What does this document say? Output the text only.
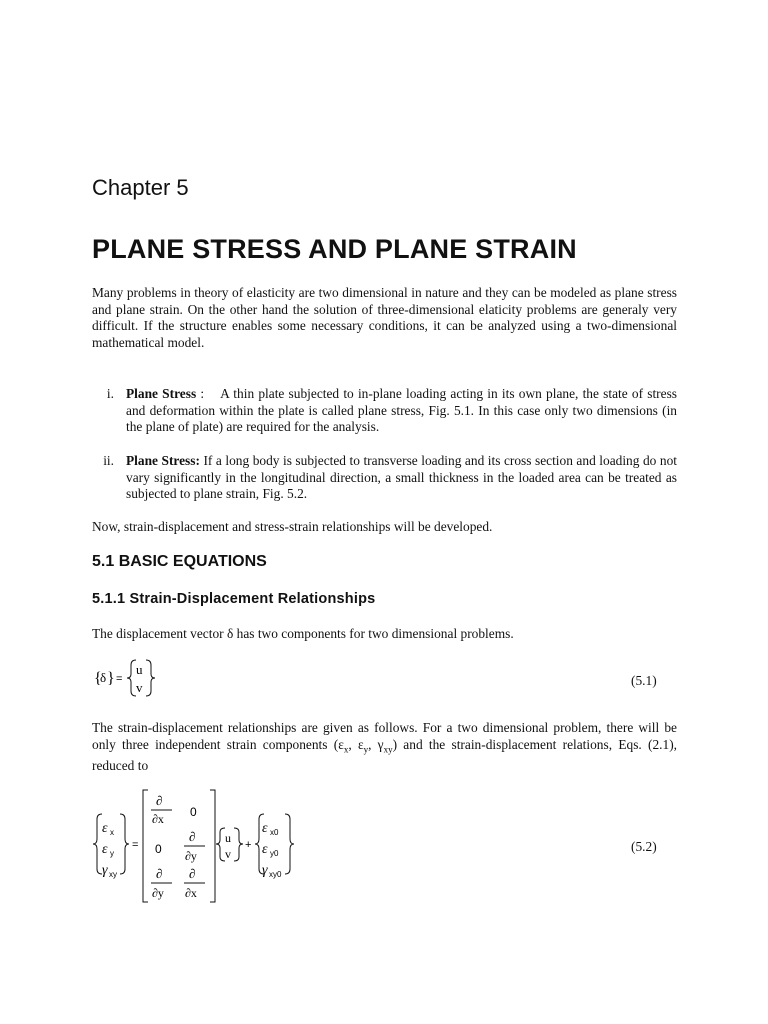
Chapter 5
PLANE STRESS AND PLANE STRAIN
Many problems in theory of elasticity are two dimensional in nature and they can be modeled as plane stress and plane strain. On the other hand the solution of three-dimensional elaticity problems are generaly very difficult. If the structure enables some necessary conditions, it can be analyzed using a two-dimensional mathematical model.
i. Plane Stress :    A thin plate subjected to in-plane loading acting in its own plane, the state of stress and deformation within the plate is called plane stress, Fig. 5.1. In this case only two dimensions (in the plane of plate) are required for the analysis.
ii. Plane Stress: If a long body is subjected to transverse loading and its cross section and loading do not vary significantly in the longitudinal direction, a small thickness in the loaded area can be treated as subjected to plane strain, Fig. 5.2.
Now, strain-displacement and stress-strain relationships will be developed.
5.1 BASIC EQUATIONS
5.1.1 Strain-Displacement Relationships
The displacement vector δ has two components for two dimensional problems.
{
δ } =
u
v	(5.1)
The strain-displacement relationships are given as follows. For a two dimensional problem, there will be only three independent strain components ($\varepsilon_x$, $\varepsilon_y$, $\gamma_{xy}$) and the strain-displacement relations, Eqs. (2.1), reduced to
ε x
ε y
γ xy
=
∂
∂x 0
0
∂
∂y
∂
∂y
∂
∂x
u
v
+
ε x0
ε y0
γ xy0
(5.2)
